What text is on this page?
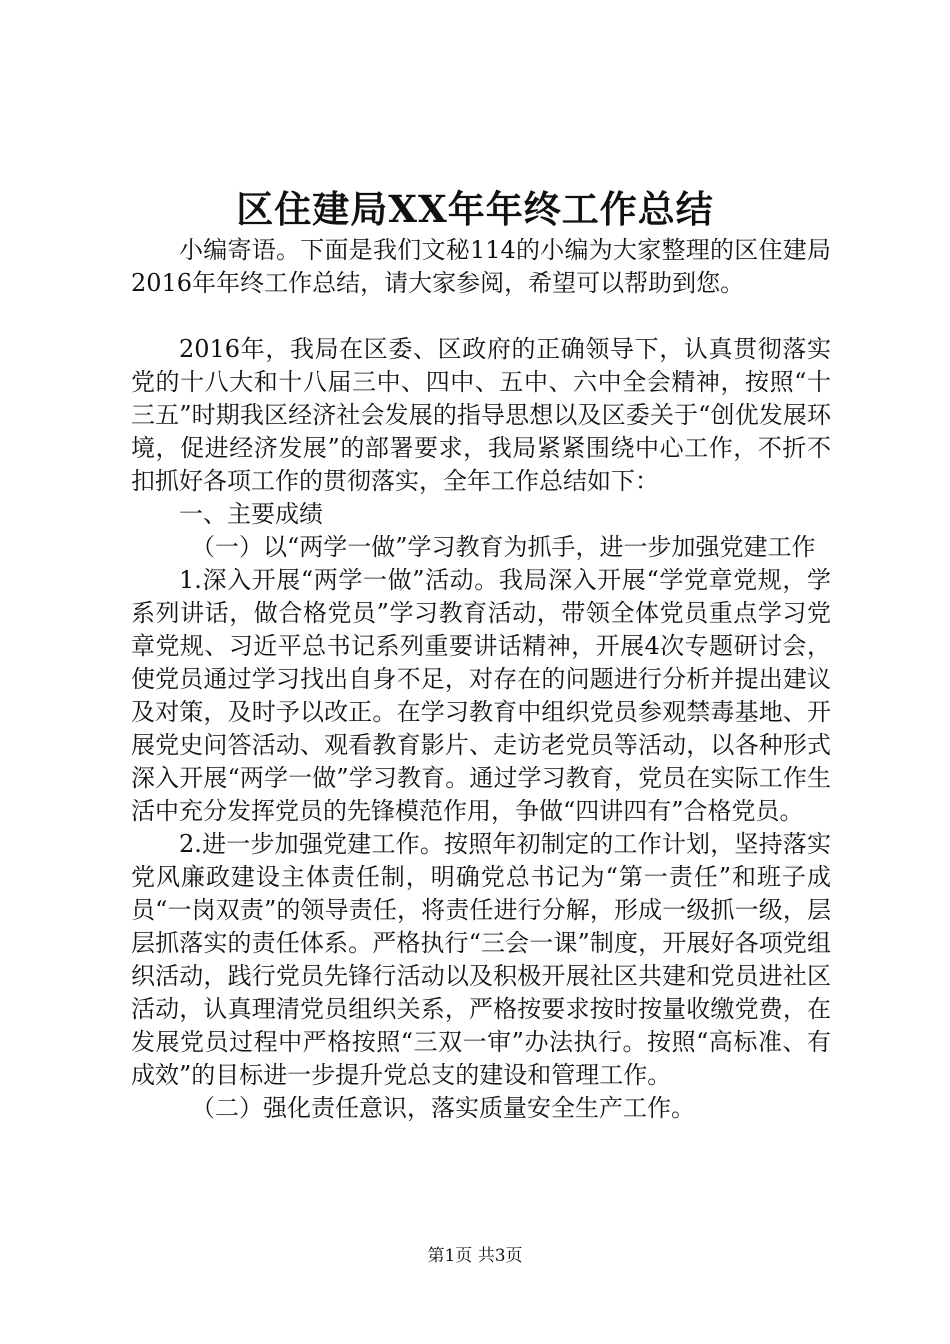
区住建局XX年年终工作总结

小编寄语。下面是我们文秘114的小编为大家整理的区住建局2016年年终工作总结，请大家参阅，希望可以帮助到您。

2016年，我局在区委、区政府的正确领导下，认真贯彻落实党的十八大和十八届三中、四中、五中、六中全会精神，按照“十三五”时期我区经济社会发展的指导思想以及区委关于“创优发展环境，促进经济发展”的部署要求，我局紧紧围绕中心工作，不折不扣抓好各项工作的贯彻落实，全年工作总结如下：

一、主要成绩

（一）以“两学一做”学习教育为抓手，进一步加强党建工作

1.深入开展“两学一做”活动。我局深入开展“学党章党规，学系列讲话，做合格党员”学习教育活动，带领全体党员重点学习党章党规、习近平总书记系列重要讲话精神，开展4次专题研讨会，使党员通过学习找出自身不足，对存在的问题进行分析并提出建议及对策，及时予以改正。在学习教育中组织党员参观禁毒基地、开展党史问答活动、观看教育影片、走访老党员等活动，以各种形式深入开展“两学一做”学习教育。通过学习教育，党员在实际工作生活中充分发挥党员的先锋模范作用，争做“四讲四有”合格党员。

2.进一步加强党建工作。按照年初制定的工作计划，坚持落实党风廉政建设主体责任制，明确党总书记为“第一责任”和班子成员“一岗双责”的领导责任，将责任进行分解，形成一级抓一级，层层抓落实的责任体系。严格执行“三会一课”制度，开展好各项党组织活动，践行党员先锋行活动以及积极开展社区共建和党员进社区活动，认真理清党员组织关系，严格按要求按时按量收缴党费，在发展党员过程中严格按照“三双一审”办法执行。按照“高标准、有成效”的目标进一步提升党总支的建设和管理工作。

（二）强化责任意识，落实质量安全生产工作。

第1页 共3页
